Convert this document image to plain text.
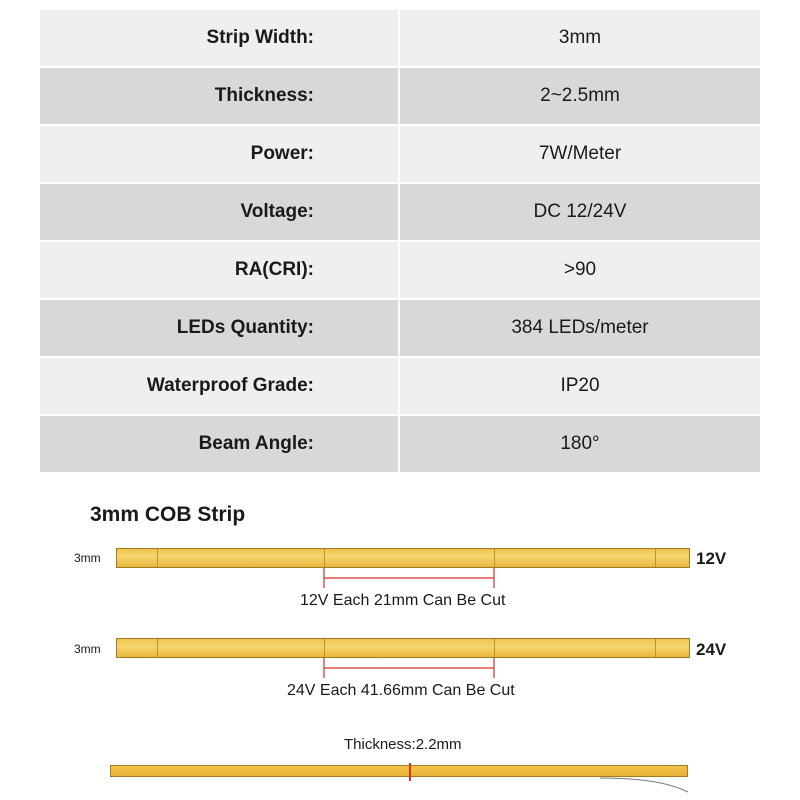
Strip Width:	3mm
Thickness:	2~2.5mm
Power:	7W/Meter
Voltage:	DC 12/24V
RA(CRI):	>90
LEDs Quantity:	384 LEDs/meter
Waterproof Grade:	IP20
Beam Angle:	180°
3mm COB Strip
3mm	12V
12V Each 21mm Can Be Cut
3mm	24V
24V Each 41.66mm Can Be Cut
Thickness:2.2mm
